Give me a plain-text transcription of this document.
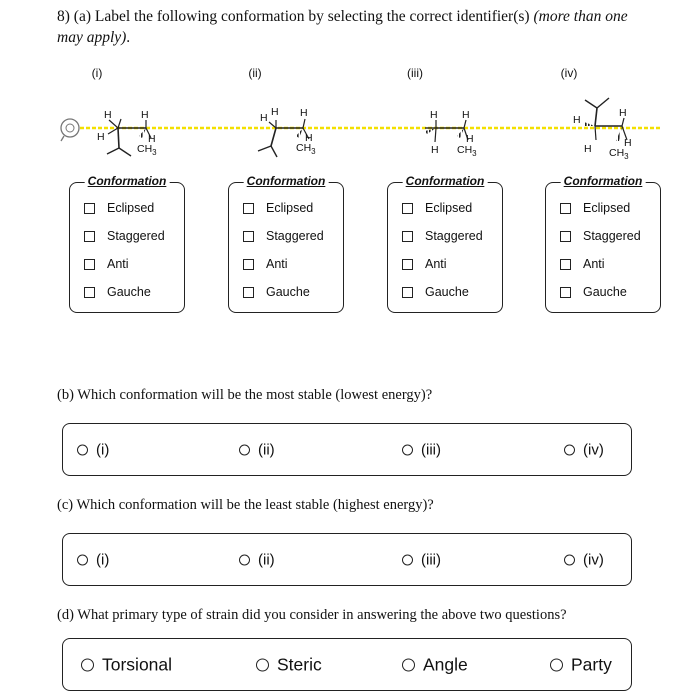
8) (a) Label the following conformation by selecting the correct identifier(s) (more than one may apply).
(i)	(ii)	(iii)	(iv)
H	H
H	H
$CH_3$
H H H
H
$CH_3$
H H
H
H
$CH_3$
H
H
H	H
$CH_3$
Conformation
Eclipsed
Staggered
Anti
Gauche
Conformation
Eclipsed
Staggered
Anti
Gauche
Conformation
Eclipsed
Staggered
Anti
Gauche
Conformation
Eclipsed
Staggered
Anti
Gauche
(b) Which conformation will be the most stable (lowest energy)?
(i)	(ii)	(iii)	(iv)
(c) Which conformation will be the least stable (highest energy)?
(i)	(ii)	(iii)	(iv)
(d) What primary type of strain did you consider in answering the above two questions?
Torsional	Steric	Angle	Party
